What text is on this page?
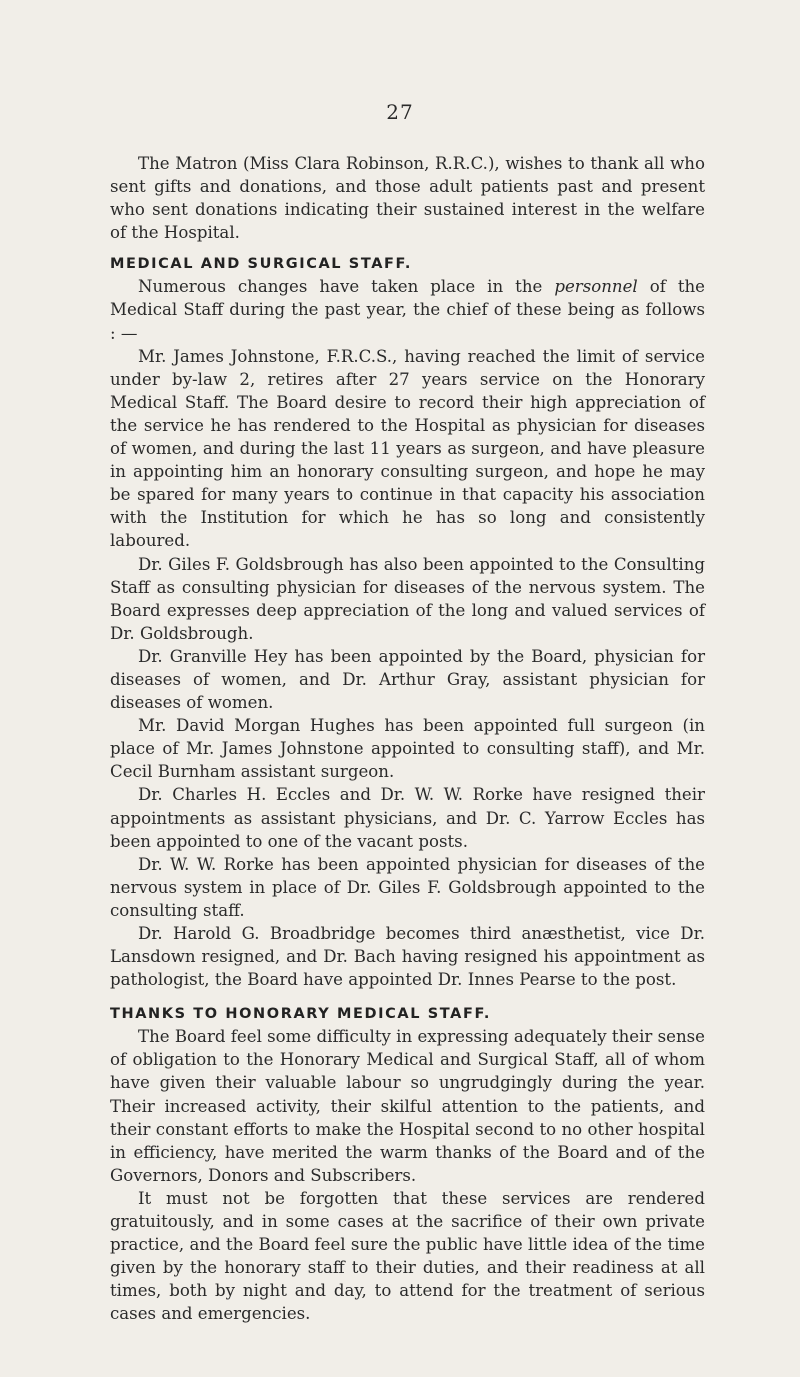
27

The Matron (Miss Clara Robinson, R.R.C.), wishes to thank all who sent gifts and donations, and those adult patients past and present who sent donations indicating their sustained interest in the welfare of the Hospital.

MEDICAL AND SURGICAL STAFF.

Numerous changes have taken place in the personnel of the Medical Staff during the past year, the chief of these being as follows : —

Mr. James Johnstone, F.R.C.S., having reached the limit of service under by-law 2, retires after 27 years service on the Honorary Medical Staff. The Board desire to record their high appreciation of the service he has rendered to the Hospital as physician for diseases of women, and during the last 11 years as surgeon, and have pleasure in appointing him an honorary consulting surgeon, and hope he may be spared for many years to continue in that capacity his association with the Institution for which he has so long and consistently laboured.

Dr. Giles F. Goldsbrough has also been appointed to the Consulting Staff as consulting physician for diseases of the nervous system. The Board expresses deep appreciation of the long and valued services of Dr. Goldsbrough.

Dr. Granville Hey has been appointed by the Board, physician for diseases of women, and Dr. Arthur Gray, assistant physician for diseases of women.

Mr. David Morgan Hughes has been appointed full surgeon (in place of Mr. James Johnstone appointed to consulting staff), and Mr. Cecil Burnham assistant surgeon.

Dr. Charles H. Eccles and Dr. W. W. Rorke have resigned their appointments as assistant physicians, and Dr. C. Yarrow Eccles has been appointed to one of the vacant posts.

Dr. W. W. Rorke has been appointed physician for diseases of the nervous system in place of Dr. Giles F. Goldsbrough appointed to the consulting staff.

Dr. Harold G. Broadbridge becomes third anæsthetist, vice Dr. Lansdown resigned, and Dr. Bach having resigned his appointment as pathologist, the Board have appointed Dr. Innes Pearse to the post.

THANKS TO HONORARY MEDICAL STAFF.

The Board feel some difficulty in expressing adequately their sense of obligation to the Honorary Medical and Surgical Staff, all of whom have given their valuable labour so ungrudgingly during the year. Their increased activity, their skilful attention to the patients, and their constant efforts to make the Hospital second to no other hospital in efficiency, have merited the warm thanks of the Board and of the Governors, Donors and Subscribers.

It must not be forgotten that these services are rendered gratuitously, and in some cases at the sacrifice of their own private practice, and the Board feel sure the public have little idea of the time given by the honorary staff to their duties, and their readiness at all times, both by night and day, to attend for the treatment of serious cases and emergencies.
